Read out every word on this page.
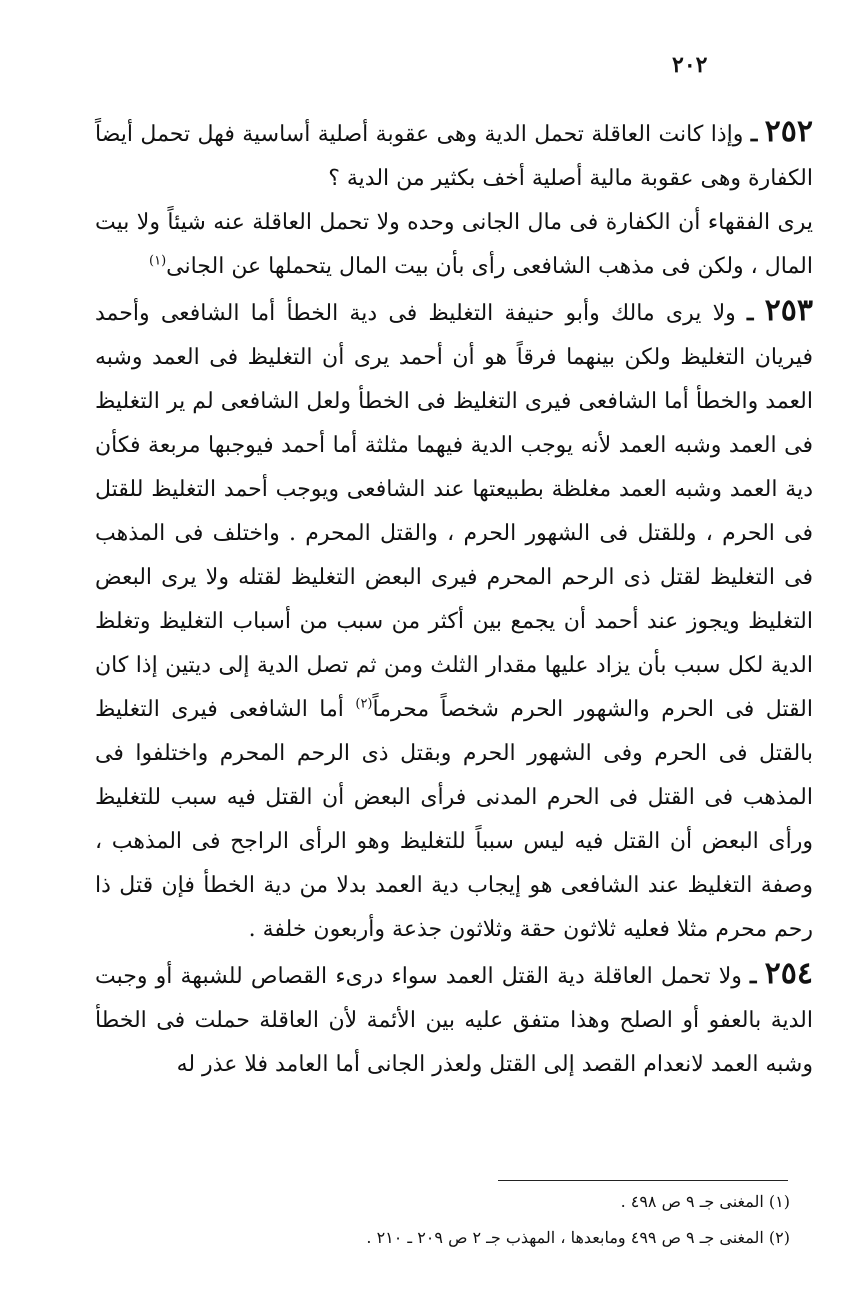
٢٠٢

٢٥٢ ـ وإذا كانت العاقلة تحمل الدية وهى عقوبة أصلية أساسية فهل تحمل أيضاً الكفارة وهى عقوبة مالية أصلية أخف بكثير من الدية ؟

يرى الفقهاء أن الكفارة فى مال الجانى وحده ولا تحمل العاقلة عنه شيئاً ولا بيت المال ، ولكن فى مذهب الشافعى رأى بأن بيت المال يتحملها عن الجانى$^{(١)}$

٢٥٣ ـ ولا يرى مالك وأبو حنيفة التغليظ فى دية الخطأ أما الشافعى وأحمد فيريان التغليظ ولكن بينهما فرقاً هو أن أحمد يرى أن التغليظ فى العمد وشبه العمد والخطأ أما الشافعى فيرى التغليظ فى الخطأ ولعل الشافعى لم ير التغليظ فى العمد وشبه العمد لأنه يوجب الدية فيهما مثلثة أما أحمد فيوجبها مربعة فكأن دية العمد وشبه العمد مغلظة بطبيعتها عند الشافعى ويوجب أحمد التغليظ للقتل فى الحرم ، وللقتل فى الشهور الحرم ، والقتل المحرم . واختلف فى المذهب فى التغليظ لقتل ذى الرحم المحرم فيرى البعض التغليظ لقتله ولا يرى البعض التغليظ ويجوز عند أحمد أن يجمع بين أكثر من سبب من أسباب التغليظ وتغلظ الدية لكل سبب بأن يزاد عليها مقدار الثلث ومن ثم تصل الدية إلى ديتين إذا كان القتل فى الحرم والشهور الحرم شخصاً محرماً$^{(٢)}$ أما الشافعى فيرى التغليظ بالقتل فى الحرم وفى الشهور الحرم وبقتل ذى الرحم المحرم واختلفوا فى المذهب فى القتل فى الحرم المدنى فرأى البعض أن القتل فيه سبب للتغليظ ورأى البعض أن القتل فيه ليس سبباً للتغليظ وهو الرأى الراجح فى المذهب ، وصفة التغليظ عند الشافعى هو إيجاب دية العمد بدلا من دية الخطأ فإن قتل ذا رحم محرم مثلا فعليه ثلاثون حقة وثلاثون جذعة وأربعون خلفة .

٢٥٤ ـ ولا تحمل العاقلة دية القتل العمد سواء درىء القصاص للشبهة أو وجبت الدية بالعفو أو الصلح وهذا متفق عليه بين الأئمة لأن العاقلة حملت فى الخطأ وشبه العمد لانعدام القصد إلى القتل ولعذر الجانى أما العامد فلا عذر له

(١) المغنى جـ ٩ ص ٤٩٨ .

(٢) المغنى جـ ٩ ص ٤٩٩ ومابعدها ، المهذب جـ ٢ ص ٢٠٩ ـ ٢١٠ .
